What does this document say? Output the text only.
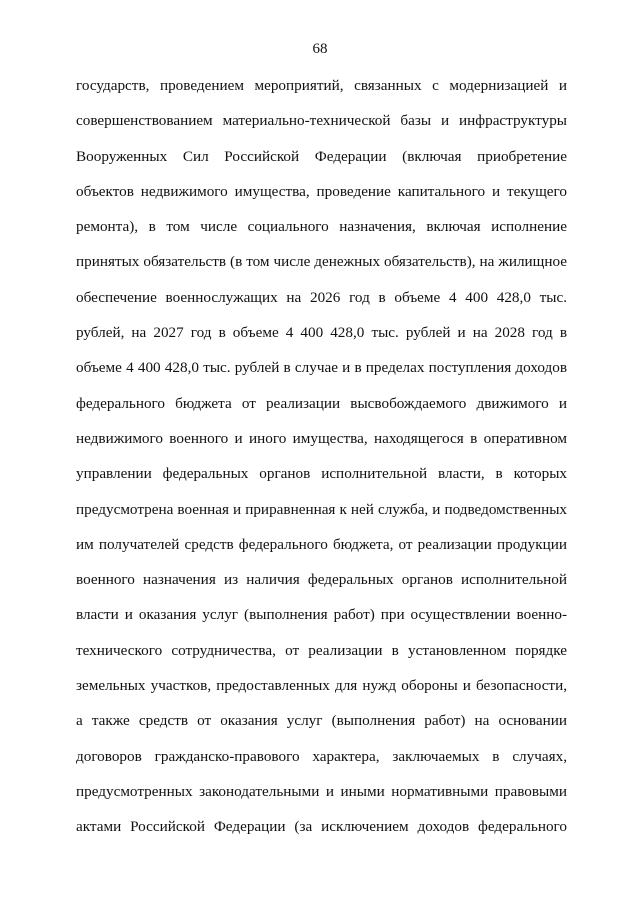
68
государств, проведением мероприятий, связанных с модернизацией и
совершенствованием материально-технической базы и инфраструктуры
Вооруженных Сил Российской Федерации (включая приобретение
объектов недвижимого имущества, проведение капитального и текущего
ремонта), в том числе социального назначения, включая исполнение
принятых обязательств (в том числе денежных обязательств), на жилищное
обеспечение военнослужащих на 2026 год в объеме 4 400 428,0 тыс.
рублей, на 2027 год в объеме 4 400 428,0 тыс. рублей и на 2028 год в
объеме 4 400 428,0 тыс. рублей в случае и в пределах поступления доходов
федерального бюджета от реализации высвобождаемого движимого и
недвижимого военного и иного имущества, находящегося в оперативном
управлении федеральных органов исполнительной власти, в которых
предусмотрена военная и приравненная к ней служба, и подведомственных
им получателей средств федерального бюджета, от реализации продукции
военного назначения из наличия федеральных органов исполнительной
власти и оказания услуг (выполнения работ) при осуществлении военно-
технического сотрудничества, от реализации в установленном порядке
земельных участков, предоставленных для нужд обороны и безопасности,
а также средств от оказания услуг (выполнения работ) на основании
договоров гражданско-правового характера, заключаемых в случаях,
предусмотренных законодательными и иными нормативными правовыми
актами Российской Федерации (за исключением доходов федерального
